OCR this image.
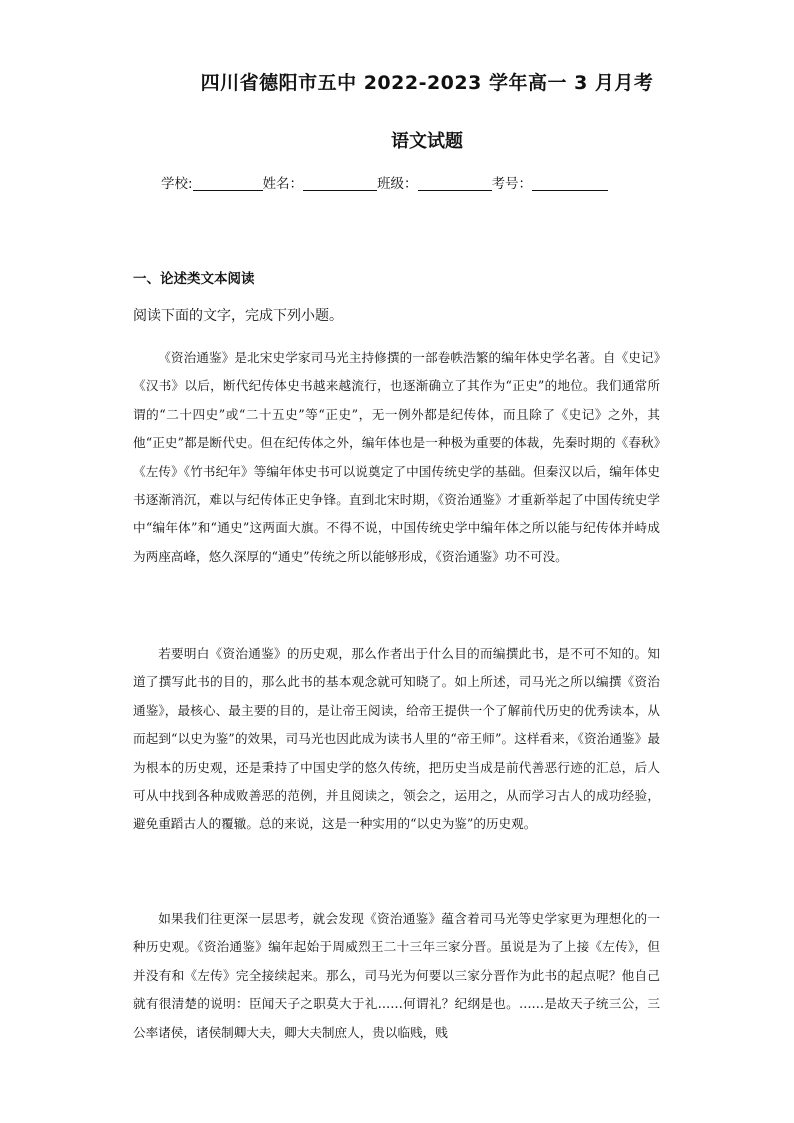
四川省德阳市五中 2022-2023 学年高一 3 月月考
语文试题
学校:	姓名：	班级：	考号：
一、论述类文本阅读
阅读下面的文字，完成下列小题。

《资治通鉴》是北宋史学家司马光主持修撰的一部卷帙浩繁的编年体史学名著。自《史记》《汉书》以后，断代纪传体史书越来越流行，也逐渐确立了其作为“正史”的地位。我们通常所谓的“二十四史”或“二十五史”等“正史”，无一例外都是纪传体，而且除了《史记》之外，其他“正史”都是断代史。但在纪传体之外，编年体也是一种极为重要的体裁，先秦时期的《春秋》《左传》《竹书纪年》等编年体史书可以说奠定了中国传统史学的基础。但秦汉以后，编年体史书逐渐消沉，难以与纪传体正史争锋。直到北宋时期，《资治通鉴》才重新举起了中国传统史学中“编年体”和“通史”这两面大旗。不得不说，中国传统史学中编年体之所以能与纪传体并峙成为两座高峰，悠久深厚的“通史”传统之所以能够形成，《资治通鉴》功不可没。

若要明白《资治通鉴》的历史观，那么作者出于什么目的而编撰此书，是不可不知的。知道了撰写此书的目的，那么此书的基本观念就可知晓了。如上所述，司马光之所以编撰《资治通鉴》，最核心、最主要的目的，是让帝王阅读，给帝王提供一个了解前代历史的优秀读本，从而起到“以史为鉴”的效果，司马光也因此成为读书人里的“帝王师”。这样看来，《资治通鉴》最为根本的历史观，还是秉持了中国史学的悠久传统，把历史当成是前代善恶行迹的汇总，后人可从中找到各种成败善恶的范例，并且阅读之，领会之，运用之，从而学习古人的成功经验，避免重蹈古人的覆辙。总的来说，这是一种实用的“以史为鉴”的历史观。

如果我们往更深一层思考，就会发现《资治通鉴》蕴含着司马光等史学家更为理想化的一种历史观。《资治通鉴》编年起始于周威烈王二十三年三家分晋。虽说是为了上接《左传》，但并没有和《左传》完全接续起来。那么，司马光为何要以三家分晋作为此书的起点呢？他自己就有很清楚的说明：臣闻天子之职莫大于礼……何谓礼？纪纲是也。……是故天子统三公，三公率诸侯，诸侯制卿大夫，卿大夫制庶人，贵以临贱，贱
